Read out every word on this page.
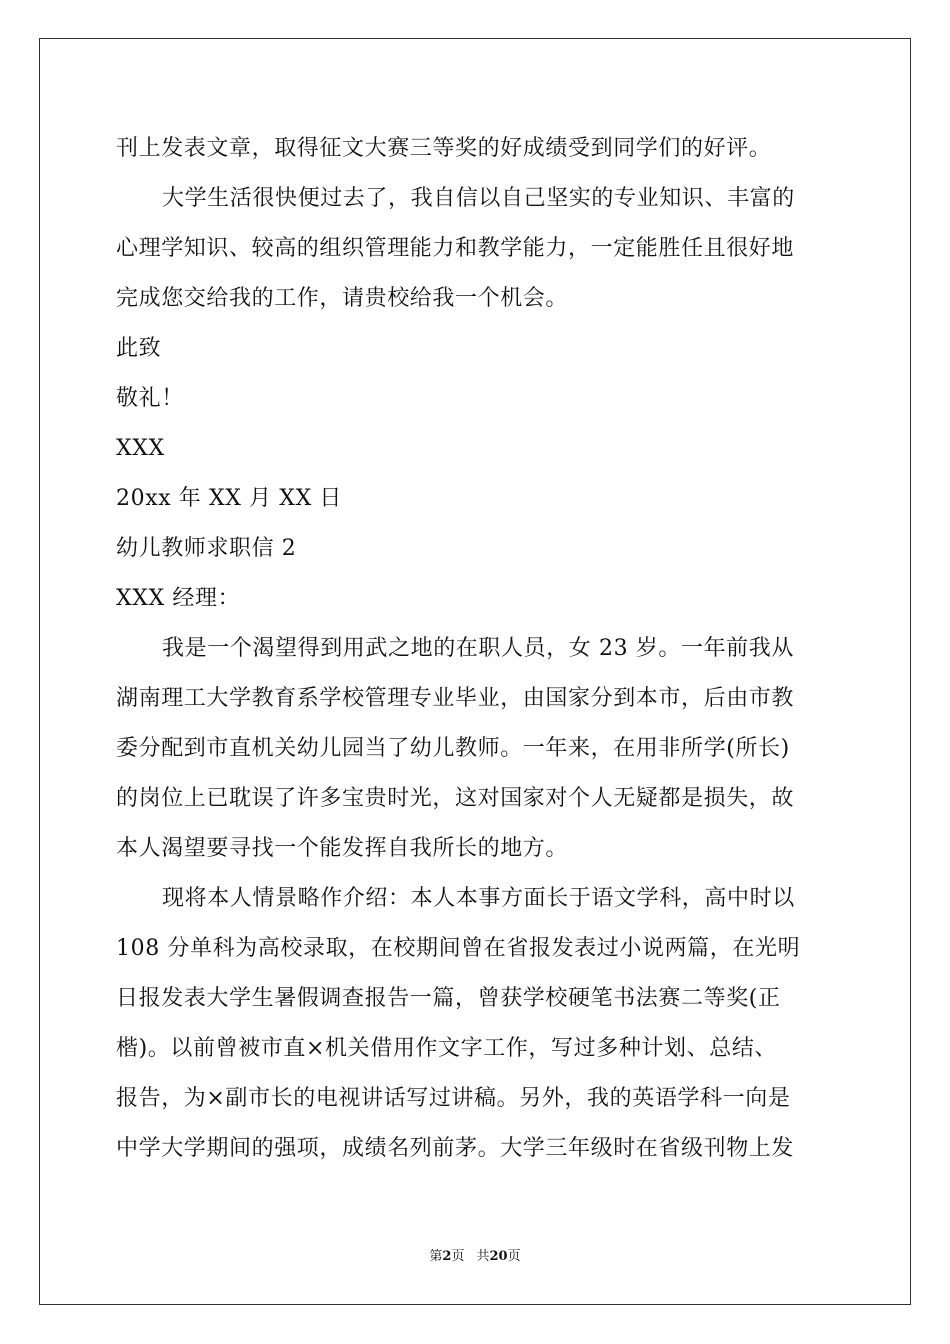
刊上发表文章，取得征文大赛三等奖的好成绩受到同学们的好评。
大学生活很快便过去了，我自信以自己坚实的专业知识、丰富的
心理学知识、较高的组织管理能力和教学能力，一定能胜任且很好地
完成您交给我的工作，请贵校给我一个机会。
此致
敬礼！
XXX
20xx 年 XX 月 XX 日
幼儿教师求职信 2
XXX 经理：
我是一个渴望得到用武之地的在职人员，女 23 岁。一年前我从
湖南理工大学教育系学校管理专业毕业，由国家分到本市，后由市教
委分配到市直机关幼儿园当了幼儿教师。一年来，在用非所学(所长)
的岗位上已耽误了许多宝贵时光，这对国家对个人无疑都是损失，故
本人渴望要寻找一个能发挥自我所长的地方。
现将本人情景略作介绍：本人本事方面长于语文学科，高中时以
108 分单科为高校录取，在校期间曾在省报发表过小说两篇，在光明
日报发表大学生暑假调查报告一篇，曾获学校硬笔书法赛二等奖(正
楷)。以前曾被市直×机关借用作文字工作，写过多种计划、总结、
报告，为×副市长的电视讲话写过讲稿。另外，我的英语学科一向是
中学大学期间的强项，成绩名列前茅。大学三年级时在省级刊物上发
第2页 共20页
